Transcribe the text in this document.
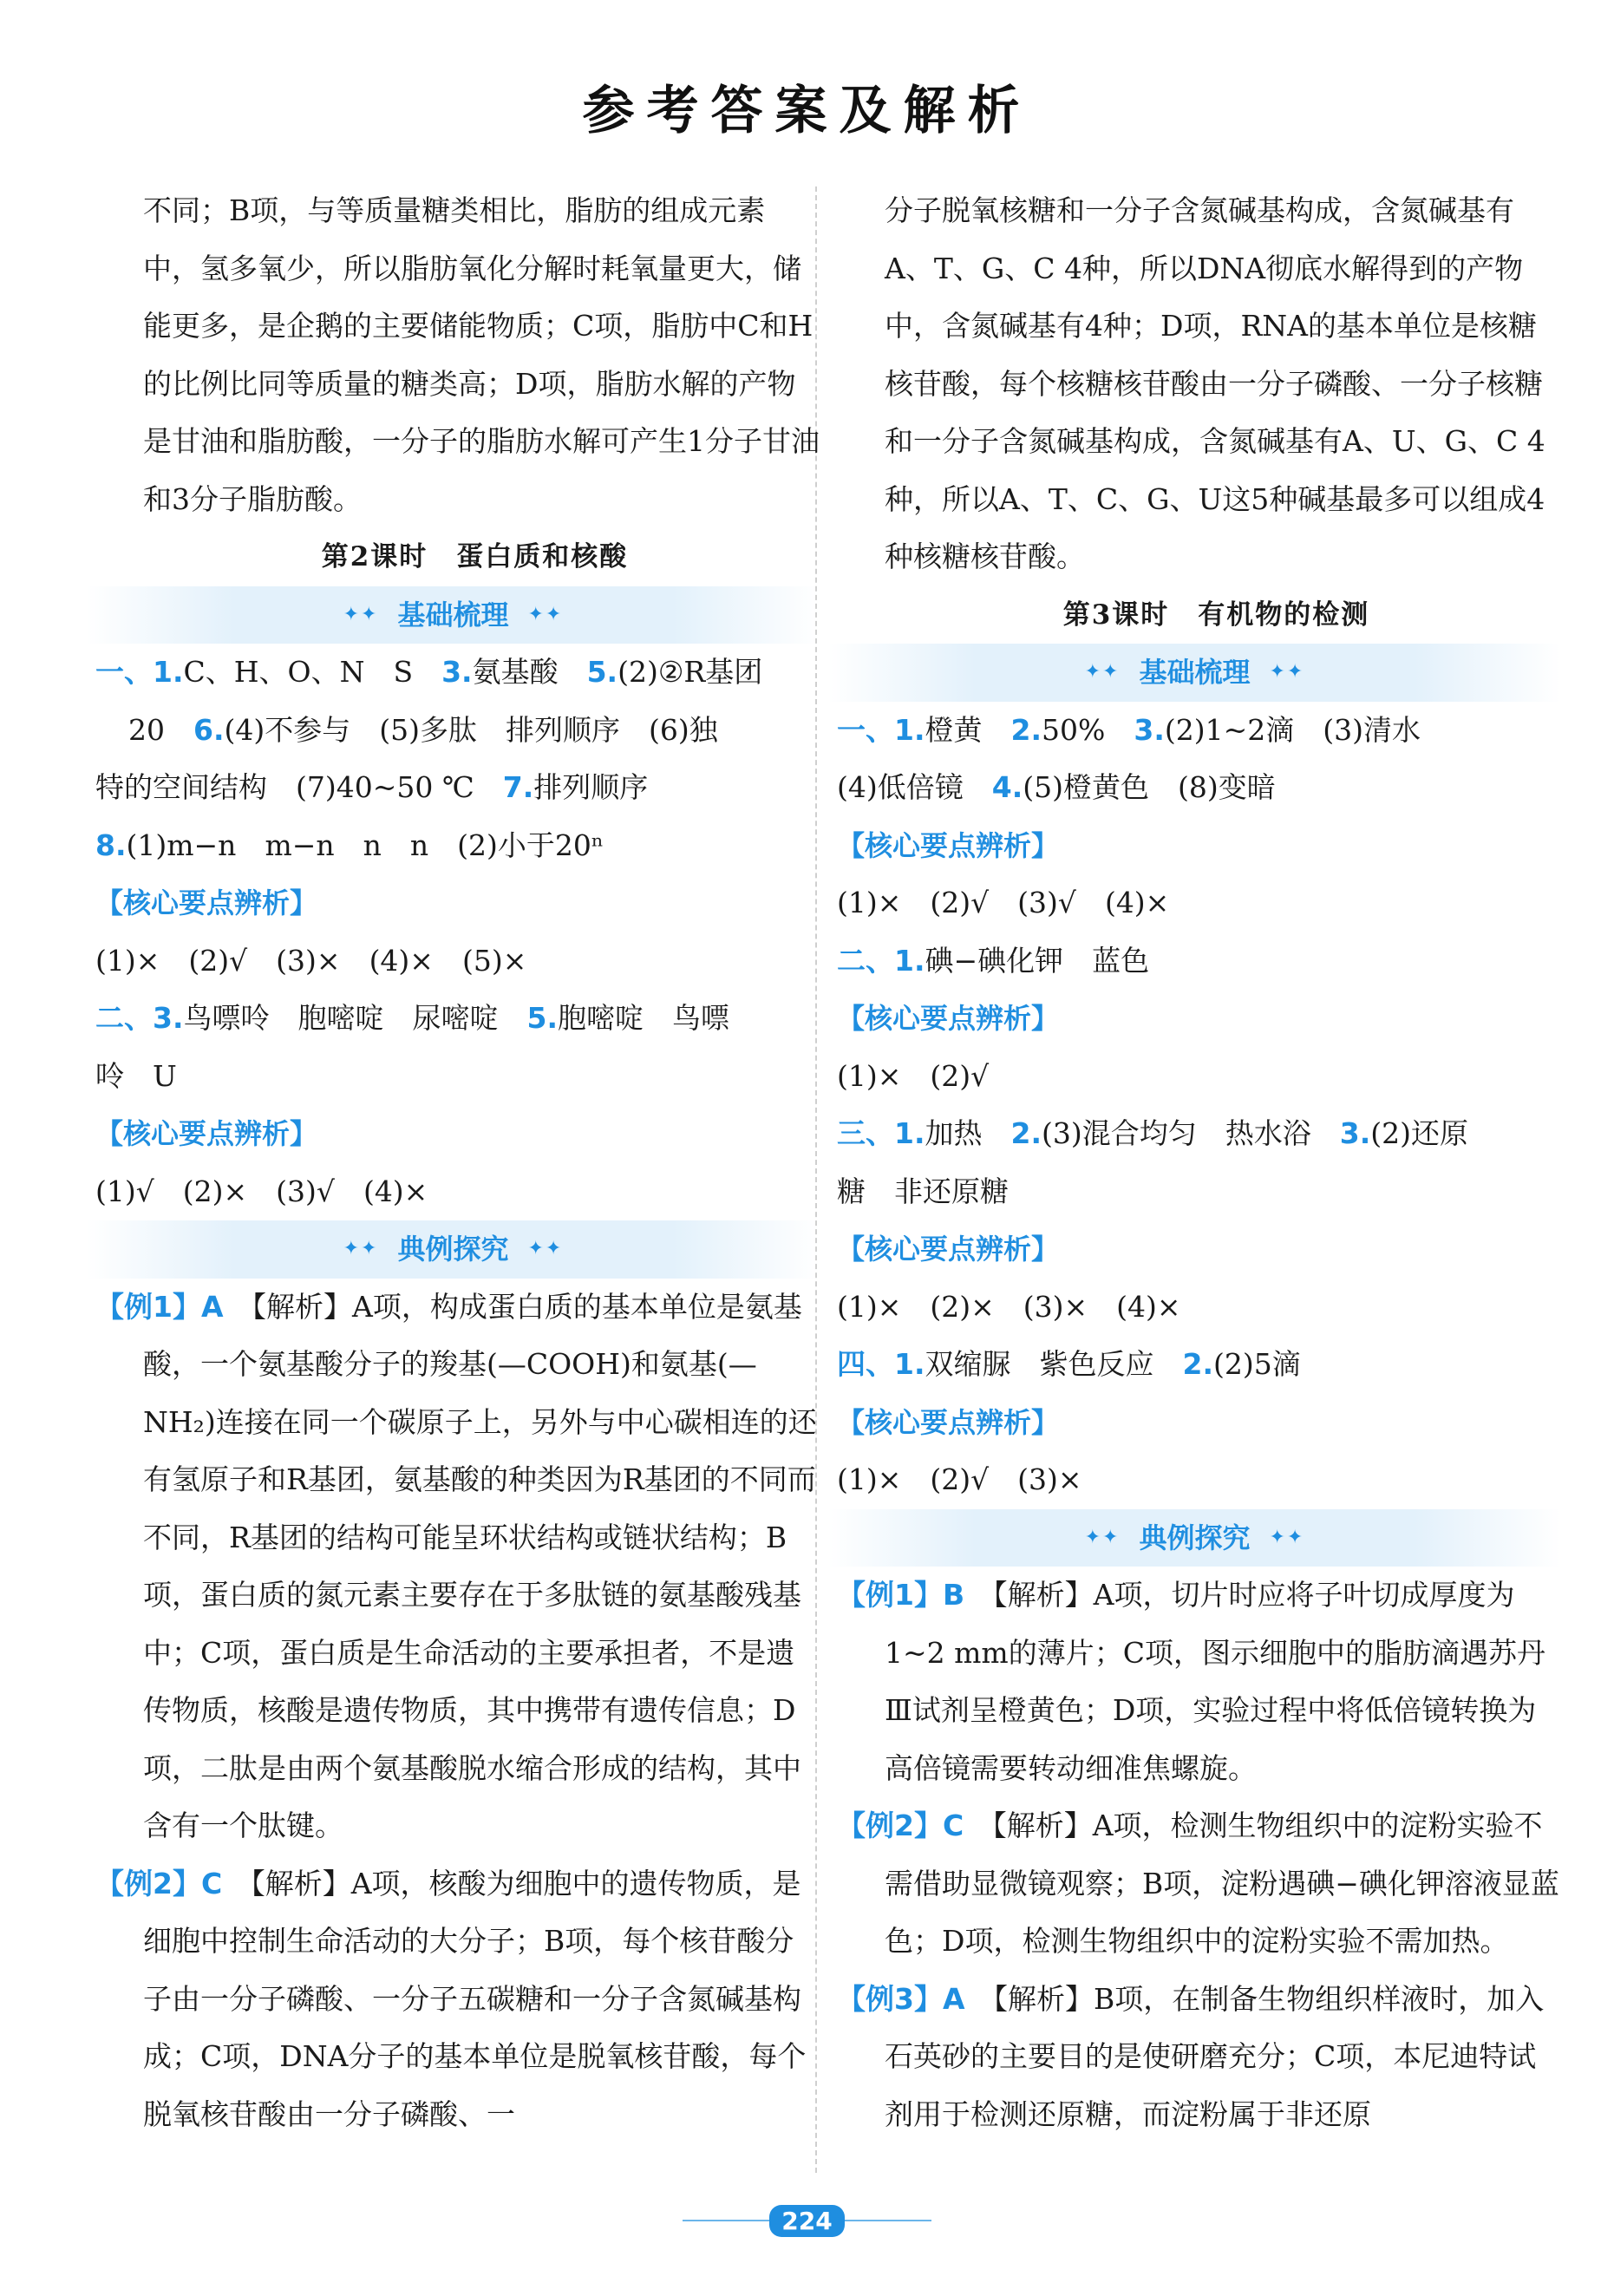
参考答案及解析

不同；B项，与等质量糖类相比，脂肪的组成元素中，氢多氧少，所以脂肪氧化分解时耗氧量更大，储能更多，是企鹅的主要储能物质；C项，脂肪中C和H的比例比同等质量的糖类高；D项，脂肪水解的产物是甘油和脂肪酸，一分子的脂肪水解可产生1分子甘油和3分子脂肪酸。

第2课时　蛋白质和核酸

✦✦ 基础梳理 ✦✦

一、1.C、H、O、N　S　3.氨基酸　5.(2)②R基团

20　6.(4)不参与　(5)多肽　排列顺序　(6)独

特的空间结构　(7)40~50 ℃　7.排列顺序

8.(1)m−n　m−n　n　n　(2)小于20ⁿ

【核心要点辨析】

(1)×　(2)√　(3)×　(4)×　(5)×

二、3.鸟嘌呤　胞嘧啶　尿嘧啶　5.胞嘧啶　鸟嘌

呤　U

【核心要点辨析】

(1)√　(2)×　(3)√　(4)×

✦✦ 典例探究 ✦✦

【例1】A　 【解析】A项，构成蛋白质的基本单位是氨基酸，一个氨基酸分子的羧基(—COOH)和氨基(—NH₂)连接在同一个碳原子上，另外与中心碳相连的还有氢原子和R基团，氨基酸的种类因为R基团的不同而不同，R基团的结构可能呈环状结构或链状结构；B项，蛋白质的氮元素主要存在于多肽链的氨基酸残基中；C项，蛋白质是生命活动的主要承担者，不是遗传物质，核酸是遗传物质，其中携带有遗传信息；D项，二肽是由两个氨基酸脱水缩合形成的结构，其中含有一个肽键。

【例2】C　 【解析】A项，核酸为细胞中的遗传物质，是细胞中控制生命活动的大分子；B项，每个核苷酸分子由一分子磷酸、一分子五碳糖和一分子含氮碱基构成；C项，DNA分子的基本单位是脱氧核苷酸，每个脱氧核苷酸由一分子磷酸、一

分子脱氧核糖和一分子含氮碱基构成，含氮碱基有A、T、G、C 4种，所以DNA彻底水解得到的产物中，含氮碱基有4种；D项，RNA的基本单位是核糖核苷酸，每个核糖核苷酸由一分子磷酸、一分子核糖和一分子含氮碱基构成，含氮碱基有A、U、G、C 4种，所以A、T、C、G、U这5种碱基最多可以组成4种核糖核苷酸。

第3课时　有机物的检测

✦✦ 基础梳理 ✦✦

一、1.橙黄　2.50%　3.(2)1~2滴　(3)清水

(4)低倍镜　4.(5)橙黄色　(8)变暗

【核心要点辨析】

(1)×　(2)√　(3)√　(4)×

二、1.碘−碘化钾　蓝色

【核心要点辨析】

(1)×　(2)√

三、1.加热　2.(3)混合均匀　热水浴　3.(2)还原

糖　非还原糖

【核心要点辨析】

(1)×　(2)×　(3)×　(4)×

四、1.双缩脲　紫色反应　2.(2)5滴

【核心要点辨析】

(1)×　(2)√　(3)×

✦✦ 典例探究 ✦✦

【例1】B　 【解析】A项，切片时应将子叶切成厚度为1~2 mm的薄片；C项，图示细胞中的脂肪滴遇苏丹Ⅲ试剂呈橙黄色；D项，实验过程中将低倍镜转换为高倍镜需要转动细准焦螺旋。

【例2】C　 【解析】A项，检测生物组织中的淀粉实验不需借助显微镜观察；B项，淀粉遇碘−碘化钾溶液显蓝色；D项，检测生物组织中的淀粉实验不需加热。

【例3】A　 【解析】B项，在制备生物组织样液时，加入石英砂的主要目的是使研磨充分；C项，本尼迪特试剂用于检测还原糖，而淀粉属于非还原

224
